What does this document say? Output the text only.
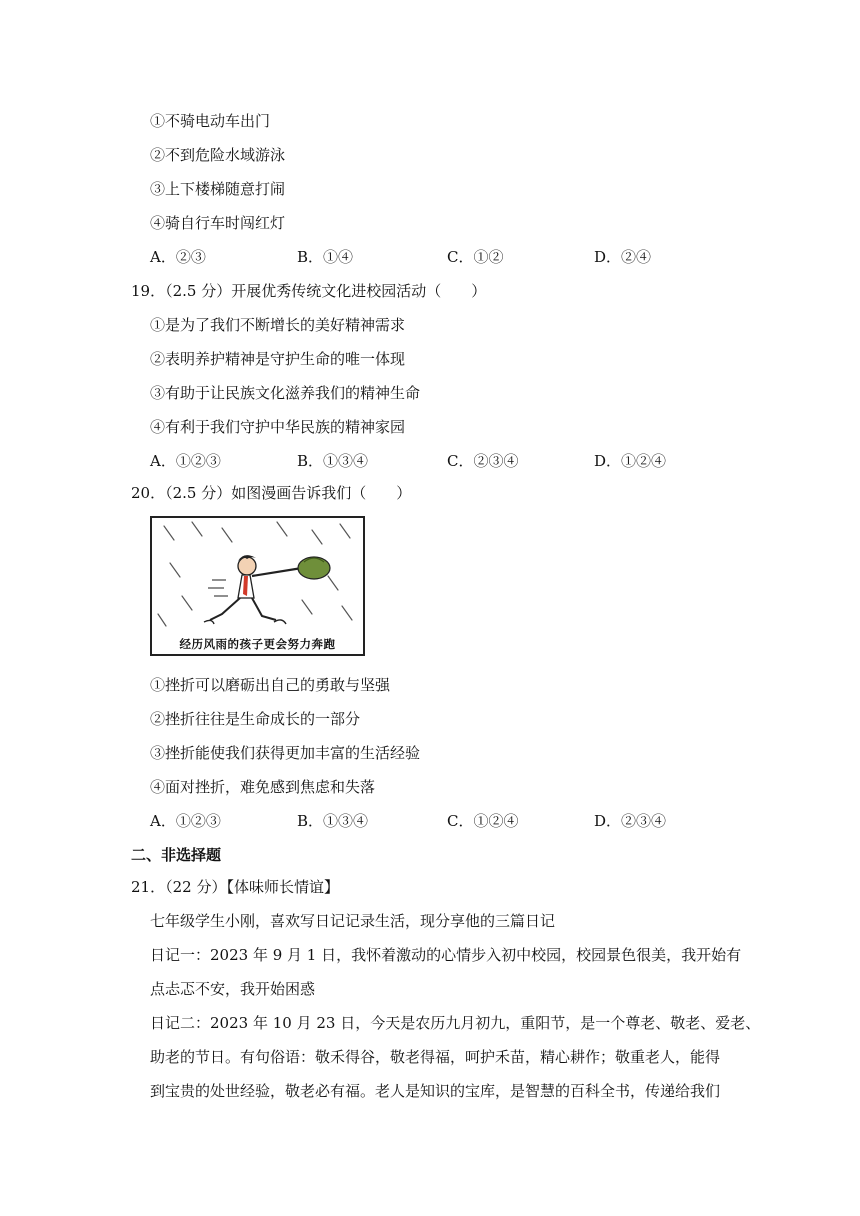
①不骑电动车出门
②不到危险水域游泳
③上下楼梯随意打闹
④骑自行车时闯红灯
A．②③	B．①④	C．①②	D．②④
19．（2.5 分）开展优秀传统文化进校园活动（　　）
①是为了我们不断增长的美好精神需求
②表明养护精神是守护生命的唯一体现
③有助于让民族文化滋养我们的精神生命
④有利于我们守护中华民族的精神家园
A．①②③	B．①③④	C．②③④	D．①②④
20．（2.5 分）如图漫画告诉我们（　　）
经历风雨的孩子更会努力奔跑
①挫折可以磨砺出自己的勇敢与坚强
②挫折往往是生命成长的一部分
③挫折能使我们获得更加丰富的生活经验
④面对挫折，难免感到焦虑和失落
A．①②③	B．①③④	C．①②④	D．②③④
二、非选择题
21．（22 分）【体味师长情谊】
七年级学生小刚，喜欢写日记记录生活，现分享他的三篇日记
日记一：2023 年 9 月 1 日，我怀着激动的心情步入初中校园，校园景色很美，我开始有
点忐忑不安，我开始困惑
日记二：2023 年 10 月 23 日，今天是农历九月初九，重阳节，是一个尊老、敬老、爱老、
助老的节日。有句俗语：敬禾得谷，敬老得福，呵护禾苗，精心耕作；敬重老人，能得
到宝贵的处世经验，敬老必有福。老人是知识的宝库，是智慧的百科全书，传递给我们
